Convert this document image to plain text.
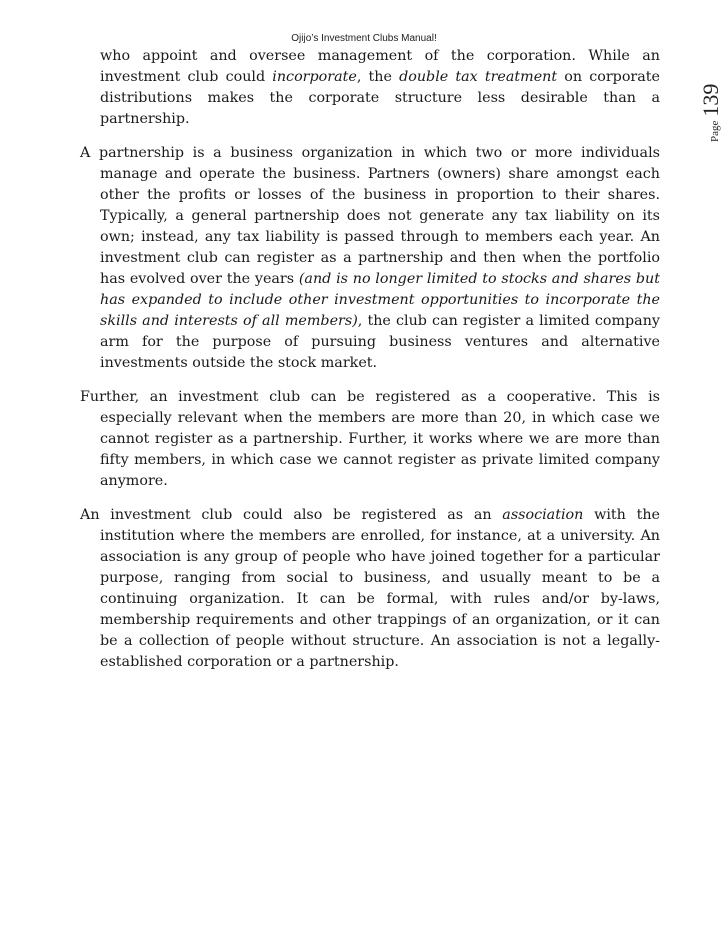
Ojijo’s Investment Clubs Manual!
Page 139

who appoint and oversee management of the corporation. While an investment club could incorporate, the double tax treatment on corporate distributions makes the corporate structure less desirable than a partnership.

A partnership is a business organization in which two or more individuals manage and operate the business. Partners (owners) share amongst each other the profits or losses of the business in proportion to their shares. Typically, a general partnership does not generate any tax liability on its own; instead, any tax liability is passed through to members each year. An investment club can register as a partnership and then when the portfolio has evolved over the years (and is no longer limited to stocks and shares but has expanded to include other investment opportunities to incorporate the skills and interests of all members), the club can register a limited company arm for the purpose of pursuing business ventures and alternative investments outside the stock market.

Further, an investment club can be registered as a cooperative. This is especially relevant when the members are more than 20, in which case we cannot register as a partnership. Further, it works where we are more than fifty members, in which case we cannot register as private limited company anymore.

An investment club could also be registered as an association with the institution where the members are enrolled, for instance, at a university. An association is any group of people who have joined together for a particular purpose, ranging from social to business, and usually meant to be a continuing organization. It can be formal, with rules and/or by-laws, membership requirements and other trappings of an organization, or it can be a collection of people without structure. An association is not a legally-established corporation or a partnership.
